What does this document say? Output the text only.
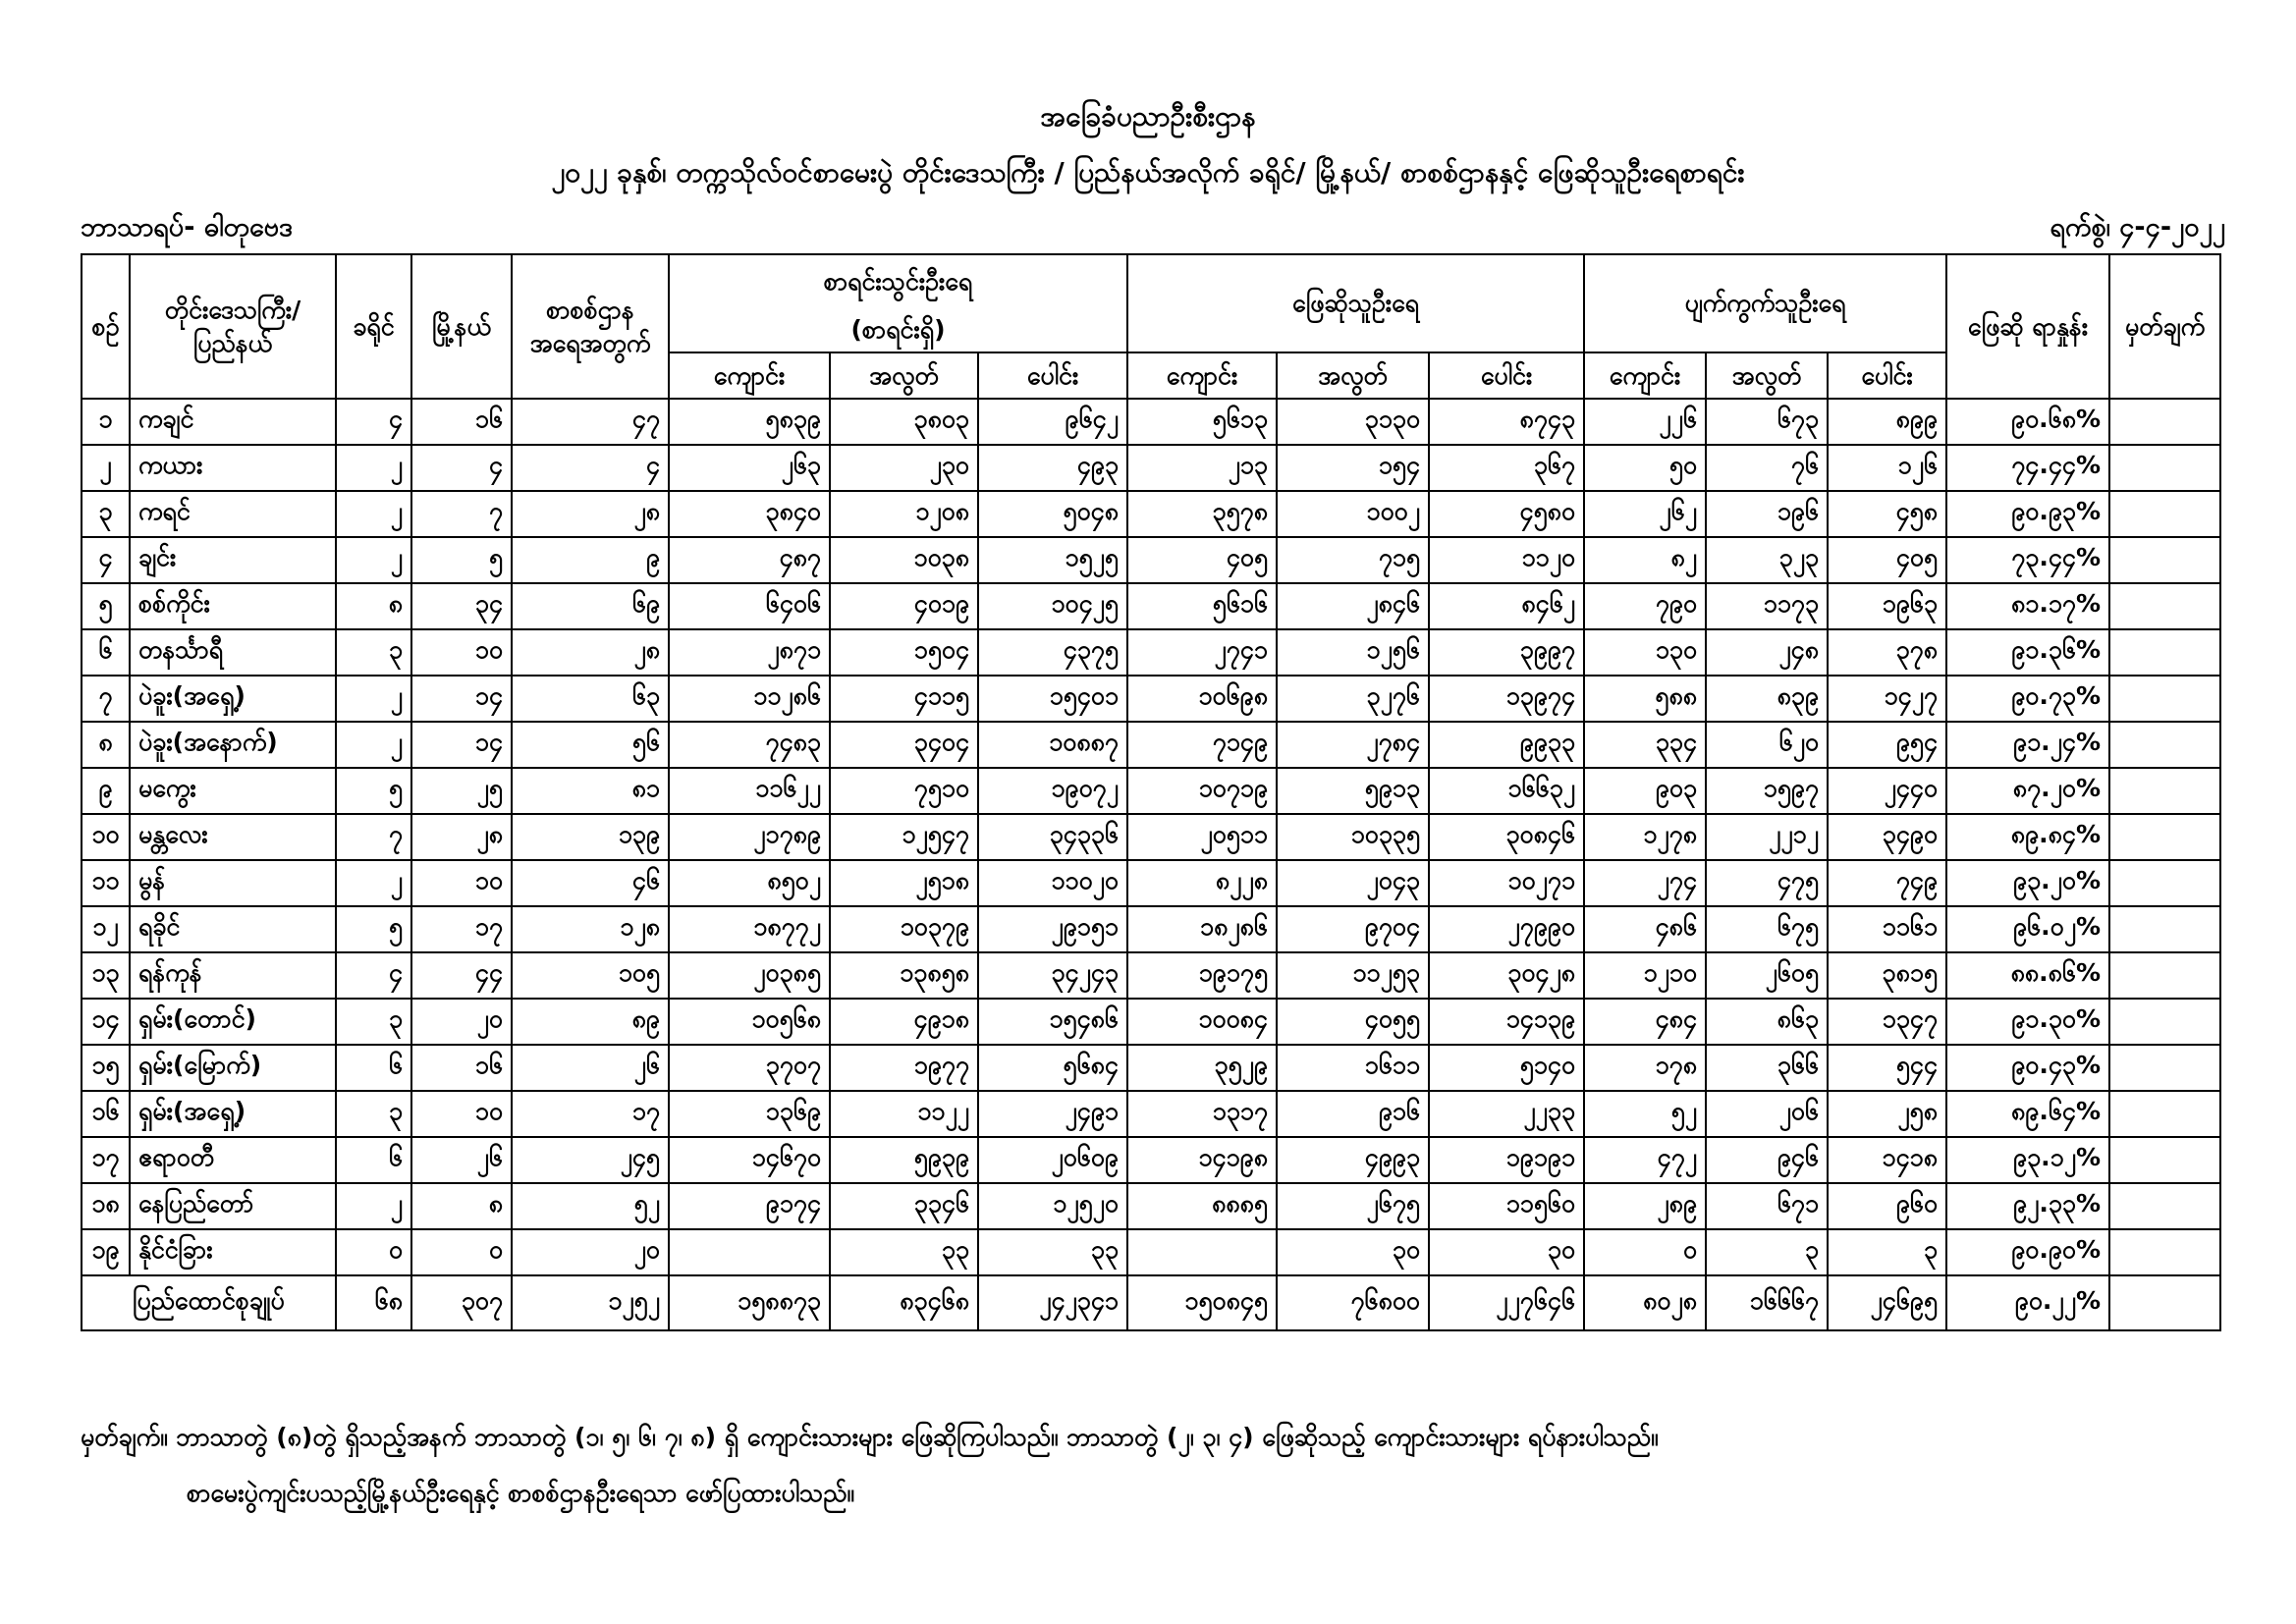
အခြေခံပညာဦးစီးဌာန
၂၀၂၂ ခုနှစ်၊ တက္ကသိုလ်ဝင်စာမေးပွဲ တိုင်းဒေသကြီး / ပြည်နယ်အလိုက် ခရိုင်/ မြို့နယ်/ စာစစ်ဌာနနှင့် ဖြေဆိုသူဦးရေစာရင်း
ဘာသာရပ်- ဓါတုဗေဒ	ရက်စွဲ၊ ၄-၄-၂၀၂၂
စဉ်	တိုင်းဒေသကြီး/ ပြည်နယ်	ခရိုင်	မြို့နယ်	စာစစ်ဌာန အရေအတွက်	စာရင်းသွင်းဦးရေ			ဖြေဆိုသူဦးရေ			ပျက်ကွက်သူဦးရေ			ဖြေဆို ရာနှုန်း	မှတ်ချက်
					(စာရင်းရှိ)										
					ကျောင်း	အလွတ်	ပေါင်း	ကျောင်း	အလွတ်	ပေါင်း	ကျောင်း	အလွတ်	ပေါင်း		
၁	ကချင်	၄	၁၆	၄၇	၅၈၃၉	၃၈၀၃	၉၆၄၂	၅၆၁၃	၃၁၃၀	၈၇၄၃	၂၂၆	၆၇၃	၈၉၉	၉၀.၆၈%	
၂	ကယား	၂	၄	၄	၂၆၃	၂၃၀	၄၉၃	၂၁၃	၁၅၄	၃၆၇	၅၀	၇၆	၁၂၆	၇၄.၄၄%	
၃	ကရင်	၂	၇	၂၈	၃၈၄၀	၁၂၀၈	၅၀၄၈	၃၅၇၈	၁၀၀၂	၄၅၈၀	၂၆၂	၁၉၆	၄၅၈	၉၀.၉၃%	
၄	ချင်း	၂	၅	၉	၄၈၇	၁၀၃၈	၁၅၂၅	၄၀၅	၇၁၅	၁၁၂၀	၈၂	၃၂၃	၄၀၅	၇၃.၄၄%	
၅	စစ်ကိုင်း	၈	၃၄	၆၉	၆၄၀၆	၄၀၁၉	၁၀၄၂၅	၅၆၁၆	၂၈၄၆	၈၄၆၂	၇၉၀	၁၁၇၃	၁၉၆၃	၈၁.၁၇%	
၆	တနင်္သာရီ	၃	၁၀	၂၈	၂၈၇၁	၁၅၀၄	၄၃၇၅	၂၇၄၁	၁၂၅၆	၃၉၉၇	၁၃၀	၂၄၈	၃၇၈	၉၁.၃၆%	
၇	ပဲခူး(အရှေ့)	၂	၁၄	၆၃	၁၁၂၈၆	၄၁၁၅	၁၅၄၀၁	၁၀၆၉၈	၃၂၇၆	၁၃၉၇၄	၅၈၈	၈၃၉	၁၄၂၇	၉၀.၇၃%	
၈	ပဲခူး(အနောက်)	၂	၁၄	၅၆	၇၄၈၃	၃၄၀၄	၁၀၈၈၇	၇၁၄၉	၂၇၈၄	၉၉၃၃	၃၃၄	၆၂၀	၉၅၄	၉၁.၂၄%	
၉	မကွေး	၅	၂၅	၈၁	၁၁၆၂၂	၇၅၁၀	၁၉၀၇၂	၁၀၇၁၉	၅၉၁၃	၁၆၆၃၂	၉၀၃	၁၅၉၇	၂၄၄၀	၈၇.၂၀%	
၁၀	မန္တလေး	၇	၂၈	၁၃၉	၂၁၇၈၉	၁၂၅၄၇	၃၄၃၃၆	၂၀၅၁၁	၁၀၃၃၅	၃၀၈၄၆	၁၂၇၈	၂၂၁၂	၃၄၉၀	၈၉.၈၄%	
၁၁	မွန်	၂	၁၀	၄၆	၈၅၀၂	၂၅၁၈	၁၁၀၂၀	၈၂၂၈	၂၀၄၃	၁၀၂၇၁	၂၇၄	၄၇၅	၇၄၉	၉၃.၂၀%	
၁၂	ရခိုင်	၅	၁၇	၁၂၈	၁၈၇၇၂	၁၀၃၇၉	၂၉၁၅၁	၁၈၂၈၆	၉၇၀၄	၂၇၉၉၀	၄၈၆	၆၇၅	၁၁၆၁	၉၆.၀၂%	
၁၃	ရန်ကုန်	၄	၄၄	၁၀၅	၂၀၃၈၅	၁၃၈၅၈	၃၄၂၄၃	၁၉၁၇၅	၁၁၂၅၃	၃၀၄၂၈	၁၂၁၀	၂၆၀၅	၃၈၁၅	၈၈.၈၆%	
၁၄	ရှမ်း(တောင်)	၃	၂၀	၈၉	၁၀၅၆၈	၄၉၁၈	၁၅၄၈၆	၁၀၀၈၄	၄၀၅၅	၁၄၁၃၉	၄၈၄	၈၆၃	၁၃၄၇	၉၁.၃၀%	
၁၅	ရှမ်း(မြောက်)	၆	၁၆	၂၆	၃၇၀၇	၁၉၇၇	၅၆၈၄	၃၅၂၉	၁၆၁၁	၅၁၄၀	၁၇၈	၃၆၆	၅၄၄	၉၀.၄၃%	
၁၆	ရှမ်း(အရှေ့)	၃	၁၀	၁၇	၁၃၆၉	၁၁၂၂	၂၄၉၁	၁၃၁၇	၉၁၆	၂၂၃၃	၅၂	၂၀၆	၂၅၈	၈၉.၆၄%	
၁၇	ဧရာဝတီ	၆	၂၆	၂၄၅	၁၄၆၇၀	၅၉၃၉	၂၀၆၀၉	၁၄၁၉၈	၄၉၉၃	၁၉၁၉၁	၄၇၂	၉၄၆	၁၄၁၈	၉၃.၁၂%	
၁၈	နေပြည်တော်	၂	၈	၅၂	၉၁၇၄	၃၃၄၆	၁၂၅၂၀	၈၈၈၅	၂၆၇၅	၁၁၅၆၀	၂၈၉	၆၇၁	၉၆၀	၉၂.၃၃%	
၁၉	နိုင်ငံခြား	၀	၀	၂၀		၃၃	၃၃		၃၀	၃၀	၀	၃	၃	၉၀.၉၀%	
ပြည်ထောင်စုချုပ်		၆၈	၃၀၇	၁၂၅၂	၁၅၈၈၇၃	၈၃၄၆၈	၂၄၂၃၄၁	၁၅၀၈၄၅	၇၆၈၀၀	၂၂၇၆၄၆	၈၀၂၈	၁၆၆၆၇	၂၄၆၉၅	၉၀.၂၂%	
မှတ်ချက်။ ဘာသာတွဲ (၈)တွဲ ရှိသည့်အနက် ဘာသာတွဲ (၁၊ ၅၊ ၆၊ ၇၊ ၈) ရှိ ကျောင်းသားများ ဖြေဆိုကြပါသည်။ ဘာသာတွဲ (၂၊ ၃၊ ၄) ဖြေဆိုသည့် ကျောင်းသားများ ရပ်နားပါသည်။
စာမေးပွဲကျင်းပသည့်မြို့နယ်ဦးရေနှင့် စာစစ်ဌာနဦးရေသာ ဖော်ပြထားပါသည်။
